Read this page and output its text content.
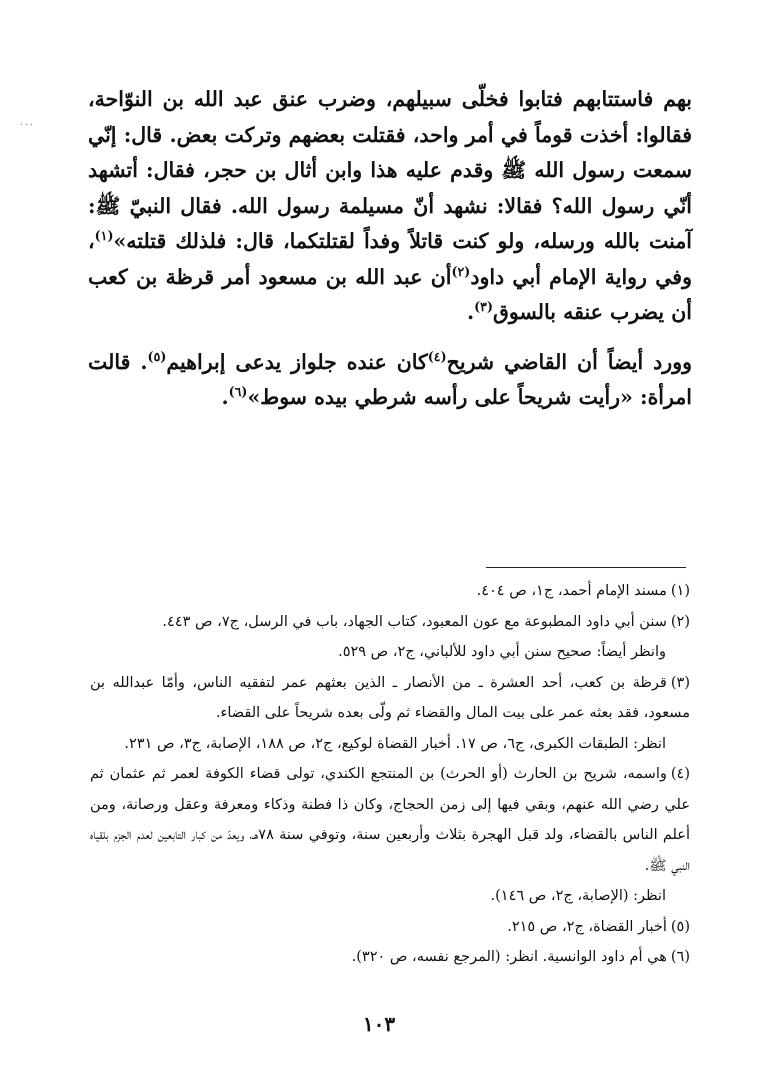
...

بهم فاستتابهم فتابوا فخلّى سبيلهم، وضرب عنق عبد الله بن النوّاحة، فقالوا: أخذت قوماً في أمر واحد، فقتلت بعضهم وتركت بعض. قال: إنّي سمعت رسول الله ﷺ وقدم عليه هذا وابن أثال بن حجر، فقال: أتشهد أنّي رسول الله؟ فقالا: نشهد أنّ مسيلمة رسول الله. فقال النبيّ ﷺ: آمنت بالله ورسله، ولو كنت قاتلاً وفداً لقتلتكما، قال: فلذلك قتلته»$^{(١)}$، وفي رواية الإمام أبي داود$^{(٢)}$أن عبد الله بن مسعود أمر قرظة بن كعب أن يضرب عنقه بالسوق$^{(٣)}$.

وورد أيضاً أن القاضي شريح$^{(٤)}$كان عنده جلواز يدعى إبراهيم$^{(٥)}$. قالت امرأة: «رأيت شريحاً على رأسه شرطي بيده سوط»$^{(٦)}$.

(١)مسند الإمام أحمد، ج١، ص ٤٠٤.

(٢)سنن أبي داود المطبوعة مع عون المعبود، كتاب الجهاد، باب في الرسل، ج٧، ص ٤٤٣.
وانظر أيضاً: صحيح سنن أبي داود للألباني، ج٢، ص ٥٢٩.

(٣)قرظة بن كعب، أحد العشرة ـ من الأنصار ـ الذين بعثهم عمر لتفقيه الناس، وأمّا عبدالله بن مسعود، فقد بعثه عمر على بيت المال والقضاء ثم ولّى بعده شريحاً على القضاء.
انظر: الطبقات الكبرى، ج٦، ص ١٧. أخبار القضاة لوكيع، ج٢، ص ١٨٨، الإصابة، ج٣، ص ٢٣١.

(٤)واسمه، شريح بن الحارث (أو الحرث) بن المنتجع الكندي، تولى قضاء الكوفة لعمر ثم عثمان ثم علي رضي الله عنهم، وبقي فيها إلى زمن الحجاج، وكان ذا فطنة وذكاء ومعرفة وعقل ورصانة، ومن أعلم الناس بالقضاء، ولد قبل الهجرة بثلاث وأربعين سنة، وتوفي سنة ٧٨هـ، ويعدّ من كبار التابعين لعدم الجزم بلقياه النبي ﷺ.
انظر: (الإصابة، ج٢، ص ١٤٦).

(٥)أخبار القضاة، ج٢، ص ٢١٥.

(٦)هي أم داود الوانسية. انظر: (المرجع نفسه، ص ٣٢٠).

١٠٣
